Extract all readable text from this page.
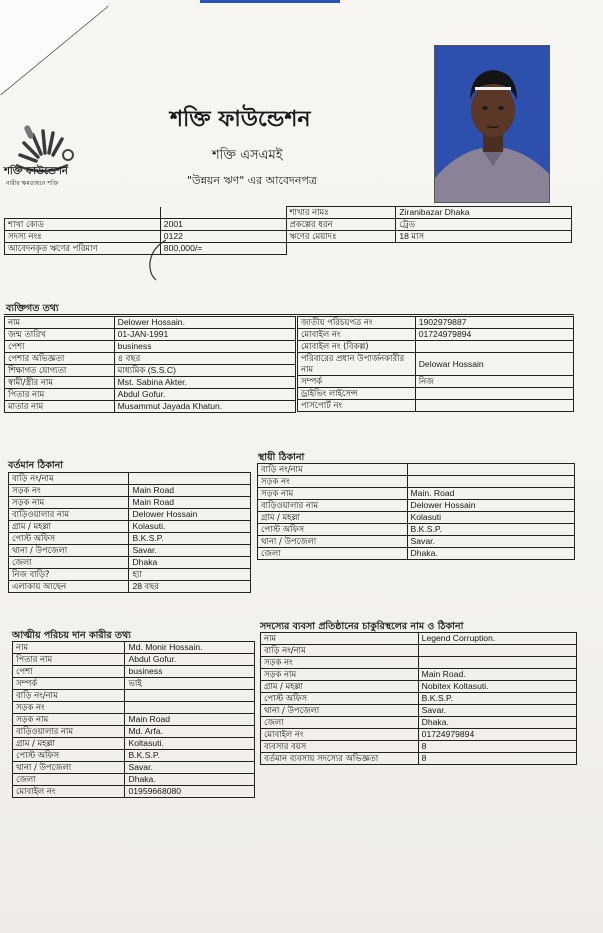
শক্তি ফাউন্ডেশন
নারীর ক্ষমতায়নে শক্তি
শক্তি ফাউন্ডেশন
শক্তি এসএমই
"উন্নয়ন ঋণ" এর আবেদনপত্র
		শাখার নামঃ	Ziranibazar Dhaka
শাখা কোড	2001	প্রকল্পের ধরন	ট্রেড
সদস্য নংঃ	0122	ঋণের মেয়াদঃ	18 মাস
আবেদনকৃত ঋণের পরিমাণ	800,000/=		
ব্যক্তিগত তথ্য
নাম	Delower Hossain.
জন্ম তারিখ	01-JAN-1991
পেশা	business
পেশার অভিজ্ঞতা	৪ বছর
শিক্ষাগত যোগ্যতা	মাধ্যমিক (S.S.C)
স্বামী/স্ত্রীর নাম	Mst. Sabina Akter.
পিতার নাম	Abdul Gofur.
মাতার নাম	Musammut Jayada Khatun.
জাতীয় পরিচয়পত্র নং	1902979887
মোবাইল নং	01724979894
মোবাইল নং (বিকল্প)	
পরিবারের প্রধান উপার্জনকারীর নাম	Delowar Hossain
সম্পর্ক	নিজ
ড্রাইভিং লাইসেন্স	
পাসপোর্ট নং	
বর্তমান ঠিকানা
বাড়ি নং/নাম	
সড়ক নং	Main Road
সড়ক নাম	Main Road
বাড়িওয়ালার নাম	Delower Hossain
গ্রাম / মহল্লা	Kolasuti.
পোস্ট অফিস	B.K.S.P.
থানা / উপজেলা	Savar.
জেলা	Dhaka
নিজ বাড়ি?	হ্যা
এলাকায় আছেন	28 বছর
স্থায়ী ঠিকানা
বাড়ি নং/নাম	
সড়ক নং	
সড়ক নাম	Main. Road
বাড়িওয়ালার নাম	Delower Hossain
গ্রাম / মহল্লা	Kolasuti
পোস্ট অফিস	B.K.S.P.
থানা / উপজেলা	Savar.
জেলা	Dhaka.
আত্মীয় পরিচয় দান কারীর তথ্য
নাম	Md. Monir Hossain.
পিতার নাম	Abdul Gofur.
পেশা	business
সম্পর্ক	ভাই
বাড়ি নং/নাম	
সড়ক নং	
সড়ক নাম	Main Road
বাড়িওয়ালার নাম	Md. Arfa.
গ্রাম / মহল্লা	Koltasuti.
পোস্ট অফিস	B.K.S.P.
থানা / উপজেলা	Savar.
জেলা	Dhaka.
মোবাইল নং	01959668080
সদস্যের ব্যবসা প্রতিষ্ঠানের চাকুরিস্থলের নাম ও ঠিকানা
নাম	Legend Corruption.
বাড়ি নং/নাম	
সড়ক নং	
সড়ক নাম	Main Road.
গ্রাম / মহল্লা	Nobitex Koltasuti.
পোস্ট অফিস	B.K.S.P.
থানা / উপজেলা	Savar.
জেলা	Dhaka.
মোবাইল নং	01724979894
ব্যবসার বয়স	8
বর্তমান ব্যবসায় সদস্যের অভিজ্ঞতা	8
